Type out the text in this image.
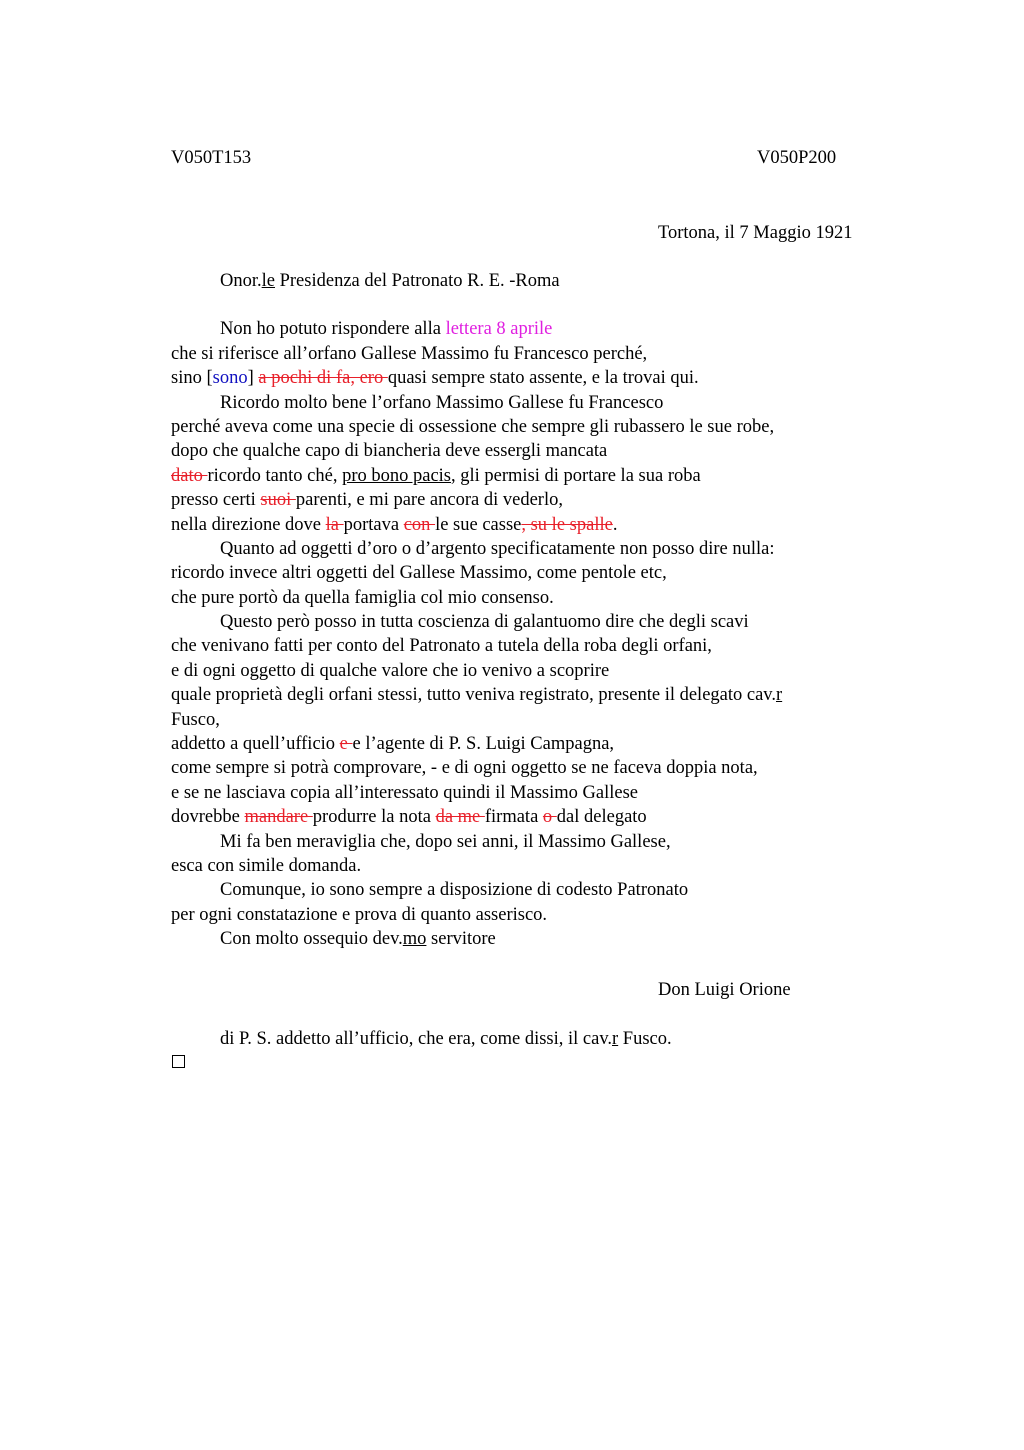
V050T153	V050P200
Tortona, il 7 Maggio 1921
Onor.le Presidenza del Patronato R. E. -Roma
Non ho potuto rispondere alla lettera 8 aprile
che si riferisce all’orfano Gallese Massimo fu Francesco perché,
sino [sono] a pochi di fa, ero quasi sempre stato assente, e la trovai qui.
Ricordo molto bene l’orfano Massimo Gallese fu Francesco
perché aveva come una specie di ossessione che sempre gli rubassero le sue robe,
dopo che qualche capo di biancheria deve essergli mancata
dato ricordo tanto ché, pro bono pacis, gli permisi di portare la sua roba
presso certi suoi parenti, e mi pare ancora di vederlo,
nella direzione dove la portava con le sue casse, su le spalle.
Quanto ad oggetti d’oro o d’argento specificatamente non posso dire nulla:
ricordo invece altri oggetti del Gallese Massimo, come pentole etc,
che pure portò da quella famiglia col mio consenso.
Questo però posso in tutta coscienza di galantuomo dire che degli scavi
che venivano fatti per conto del Patronato a tutela della roba degli orfani,
e di ogni oggetto di qualche valore che io venivo a scoprire
quale proprietà degli orfani stessi, tutto veniva registrato, presente il delegato cav.r
Fusco,
addetto a quell’ufficio e e l’agente di P. S. Luigi Campagna,
come sempre si potrà comprovare, - e di ogni oggetto se ne faceva doppia nota,
e se ne lasciava copia all’interessato quindi il Massimo Gallese
dovrebbe mandare produrre la nota da me firmata o dal delegato
Mi fa ben meraviglia che, dopo sei anni, il Massimo Gallese,
esca con simile domanda.
Comunque, io sono sempre a disposizione di codesto Patronato
per ogni constatazione e prova di quanto asserisco.
Con molto ossequio dev.mo servitore
Don Luigi Orione
di P. S. addetto all’ufficio, che era, come dissi, il cav.r Fusco.
